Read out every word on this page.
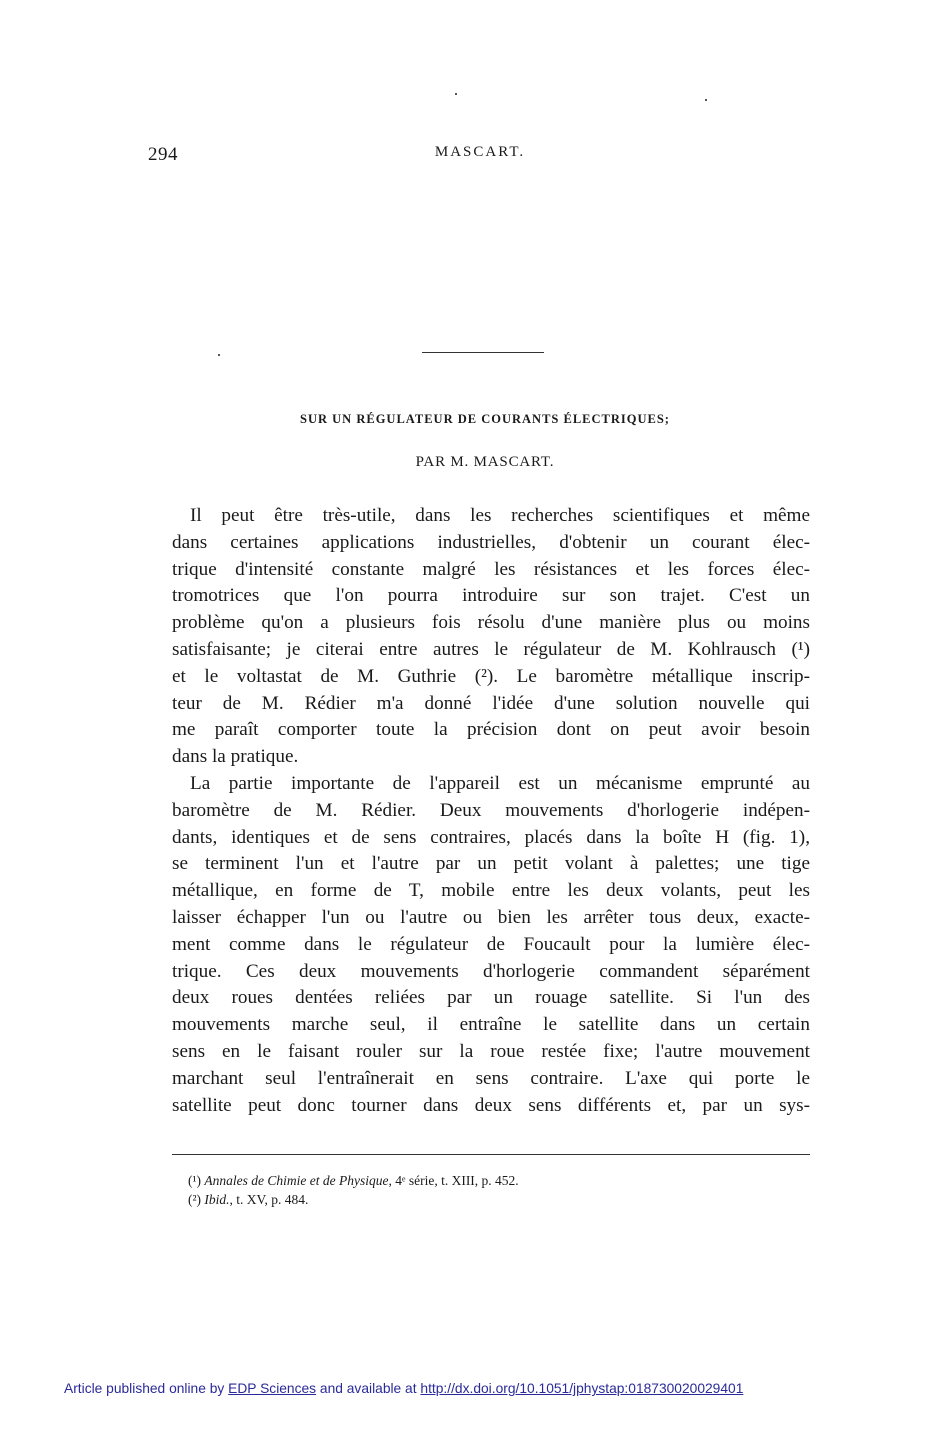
294	MASCART.
SUR UN RÉGULATEUR DE COURANTS ÉLECTRIQUES;
PAR M. MASCART.
Il peut être très-utile, dans les recherches scientifiques et même
dans certaines applications industrielles, d'obtenir un courant élec-
trique d'intensité constante malgré les résistances et les forces élec-
tromotrices que l'on pourra introduire sur son trajet. C'est un
problème qu'on a plusieurs fois résolu d'une manière plus ou moins
satisfaisante; je citerai entre autres le régulateur de M. Kohlrausch (¹)
et le voltastat de M. Guthrie (²). Le baromètre métallique inscrip-
teur de M. Rédier m'a donné l'idée d'une solution nouvelle qui
me paraît comporter toute la précision dont on peut avoir besoin
dans la pratique.
La partie importante de l'appareil est un mécanisme emprunté au
baromètre de M. Rédier. Deux mouvements d'horlogerie indépen-
dants, identiques et de sens contraires, placés dans la boîte H (fig. 1),
se terminent l'un et l'autre par un petit volant à palettes; une tige
métallique, en forme de T, mobile entre les deux volants, peut les
laisser échapper l'un ou l'autre ou bien les arrêter tous deux, exacte-
ment comme dans le régulateur de Foucault pour la lumière élec-
trique. Ces deux mouvements d'horlogerie commandent séparément
deux roues dentées reliées par un rouage satellite. Si l'un des
mouvements marche seul, il entraîne le satellite dans un certain
sens en le faisant rouler sur la roue restée fixe; l'autre mouvement
marchant seul l'entraînerait en sens contraire. L'axe qui porte le
satellite peut donc tourner dans deux sens différents et, par un sys-
(¹) Annales de Chimie et de Physique, 4ᵉ série, t. XIII, p. 452.
(²) Ibid., t. XV, p. 484.
Article published online by EDP Sciences and available at http://dx.doi.org/10.1051/jphystap:018730020029401
